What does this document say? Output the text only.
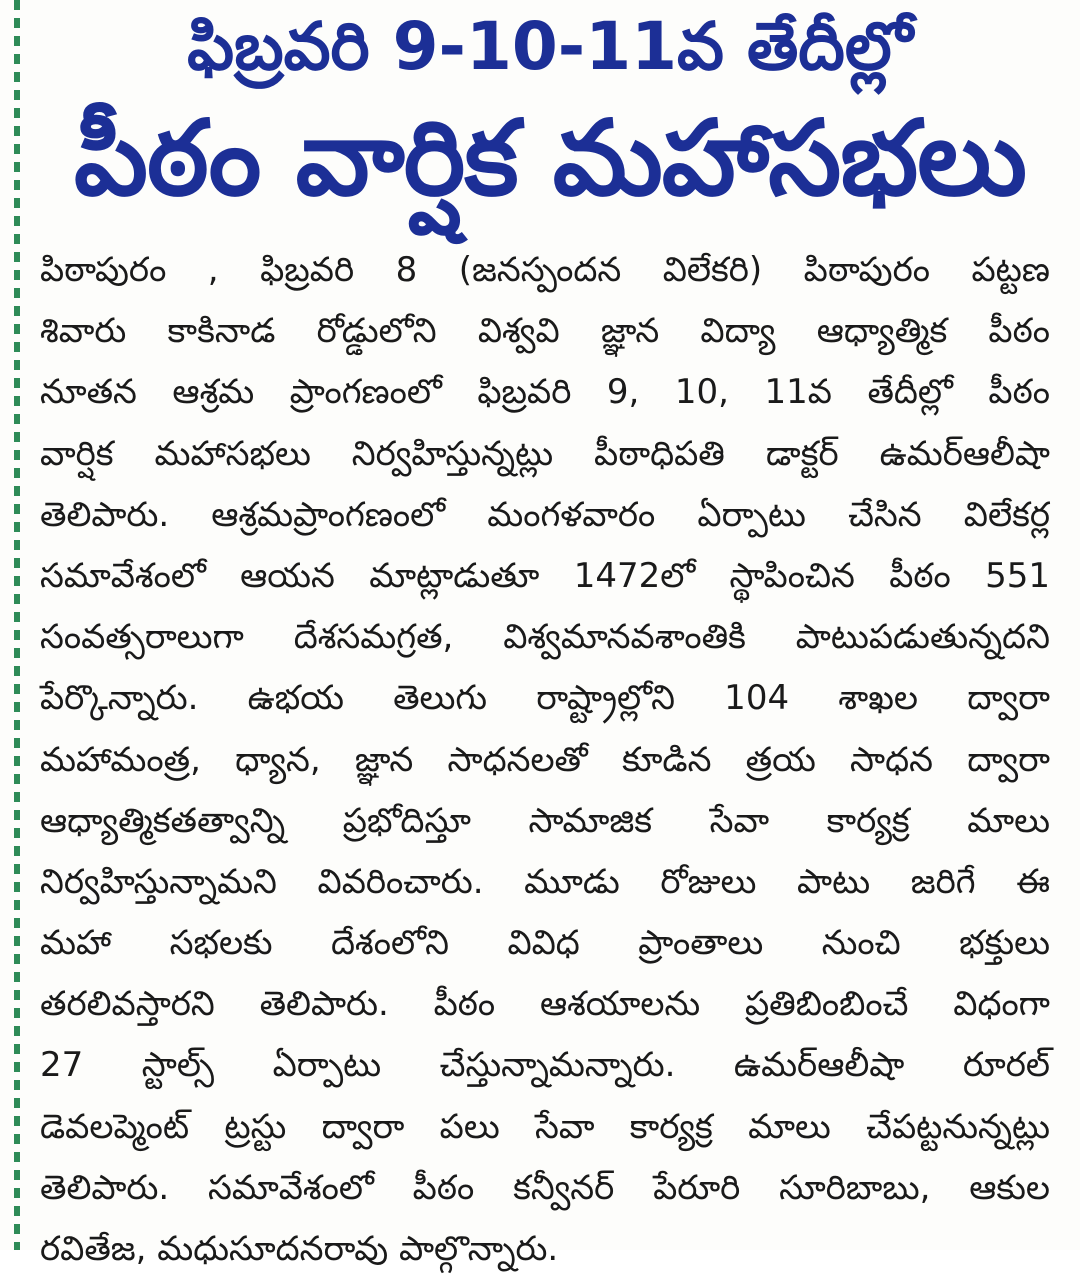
ఫిబ్రవరి 9-10-11వ తేదీల్లో
పీఠం వార్షిక మహాసభలు
పిఠాపురం , ఫిబ్రవరి 8 (జనస్పందన విలేకరి) పిఠాపురం పట్టణ
శివారు కాకినాడ రోడ్డులోని విశ్వవి జ్ఞాన విద్యా ఆధ్యాత్మిక పీఠం
నూతన ఆశ్రమ ప్రాంగణంలో ఫిబ్రవరి 9, 10, 11వ తేదీల్లో పీఠం
వార్షిక మహాసభలు నిర్వహిస్తున్నట్లు పీఠాధిపతి డాక్టర్ ఉమర్‌ఆలీషా
తెలిపారు. ఆశ్రమప్రాంగణంలో మంగళవారం ఏర్పాటు చేసిన విలేకర్ల
సమావేశంలో ఆయన మాట్లాడుతూ 1472లో స్థాపించిన పీఠం 551
సంవత్సరాలుగా దేశసమగ్రత, విశ్వమానవశాంతికి పాటుపడుతున్నదని
పేర్కొన్నారు. ఉభయ తెలుగు రాష్ట్రాల్లోని 104 శాఖల ద్వారా
మహామంత్ర, ధ్యాన, జ్ఞాన సాధనలతో కూడిన త్రయ సాధన ద్వారా
ఆధ్యాత్మికతత్వాన్ని ప్రభోదిస్తూ సామాజిక సేవా కార్యక్ర మాలు
నిర్వహిస్తున్నామని వివరించారు. మూడు రోజులు పాటు జరిగే ఈ
మహా సభలకు దేశంలోని వివిధ ప్రాంతాలు నుంచి భక్తులు
తరలివస్తారని తెలిపారు. పీఠం ఆశయాలను ప్రతిబింబించే విధంగా
27 స్టాల్స్ ఏర్పాటు చేస్తున్నామన్నారు. ఉమర్‌ఆలీషా రూరల్
డెవలప్మెంట్ ట్రస్టు ద్వారా పలు సేవా కార్యక్ర మాలు చేపట్టనున్నట్లు
తెలిపారు. సమావేశంలో పీఠం కన్వీనర్ పేరూరి సూరిబాబు, ఆకుల
రవితేజ, మధుసూదనరావు పాల్గొన్నారు.
